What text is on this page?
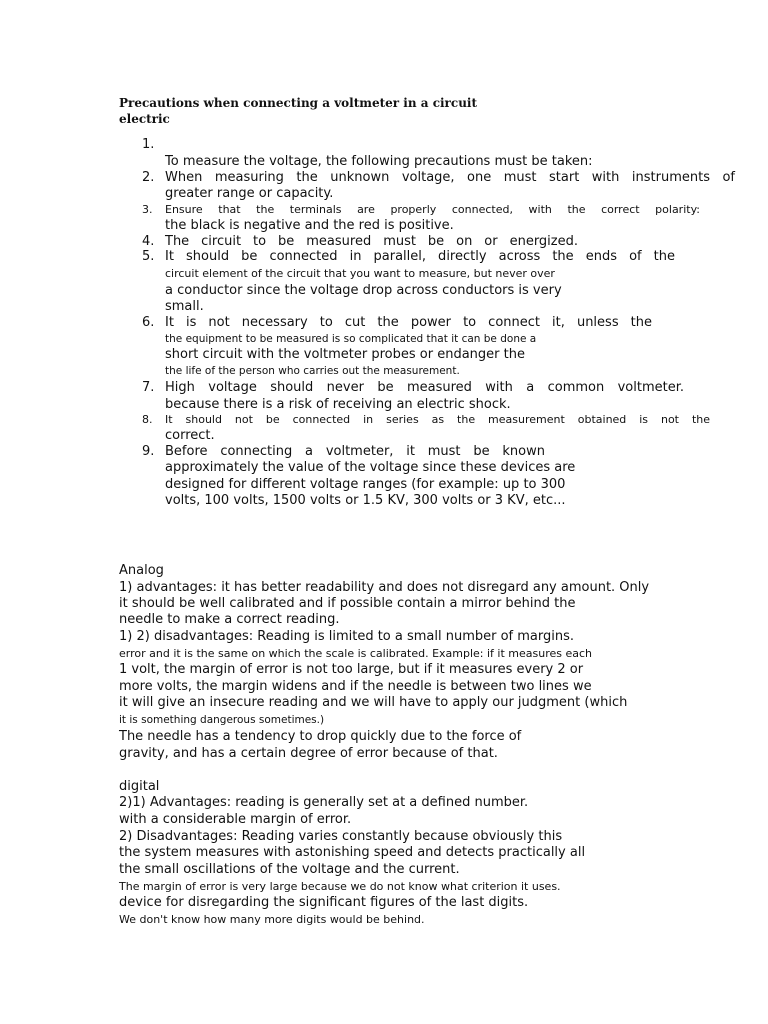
Precautions when connecting a voltmeter in a circuit
electric
1.
To measure the voltage, the following precautions must be taken:
2. When measuring the unknown voltage, one must start with instruments of
greater range or capacity.
3. Ensure that the terminals are properly connected, with the correct polarity:
the black is negative and the red is positive.
4. The circuit to be measured must be on or energized.
5. It should be connected in parallel, directly across the ends of the
circuit element of the circuit that you want to measure, but never over
a conductor since the voltage drop across conductors is very
small.
6. It is not necessary to cut the power to connect it, unless the
the equipment to be measured is so complicated that it can be done a
short circuit with the voltmeter probes or endanger the
the life of the person who carries out the measurement.
7. High voltage should never be measured with a common voltmeter.
because there is a risk of receiving an electric shock.
8. It should not be connected in series as the measurement obtained is not the
correct.
9. Before connecting a voltmeter, it must be known
approximately the value of the voltage since these devices are
designed for different voltage ranges (for example: up to 300
volts, 100 volts, 1500 volts or 1.5 KV, 300 volts or 3 KV, etc...
Analog
1) advantages: it has better readability and does not disregard any amount. Only
it should be well calibrated and if possible contain a mirror behind the
needle to make a correct reading.
1) 2) disadvantages: Reading is limited to a small number of margins.
error and it is the same on which the scale is calibrated. Example: if it measures each
1 volt, the margin of error is not too large, but if it measures every 2 or
more volts, the margin widens and if the needle is between two lines we
it will give an insecure reading and we will have to apply our judgment (which
it is something dangerous sometimes.)
The needle has a tendency to drop quickly due to the force of
gravity, and has a certain degree of error because of that.
digital
2)1) Advantages: reading is generally set at a defined number.
with a considerable margin of error.
2) Disadvantages: Reading varies constantly because obviously this
the system measures with astonishing speed and detects practically all
the small oscillations of the voltage and the current.
The margin of error is very large because we do not know what criterion it uses.
device for disregarding the significant figures of the last digits.
We don't know how many more digits would be behind.
